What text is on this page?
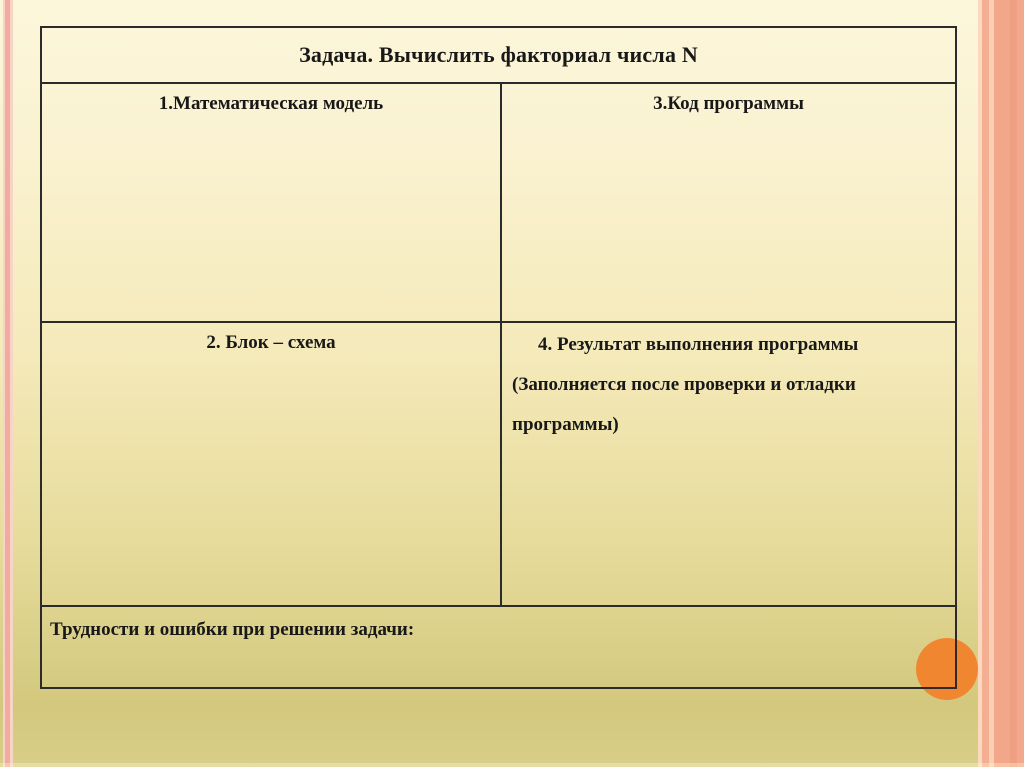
Задача. Вычислить факториал числа N
1.Математическая модель	3.Код программы
2. Блок – схема	4. Результат выполнения программы (Заполняется после проверки и отладки программы)
Трудности и ошибки при решении задачи:
